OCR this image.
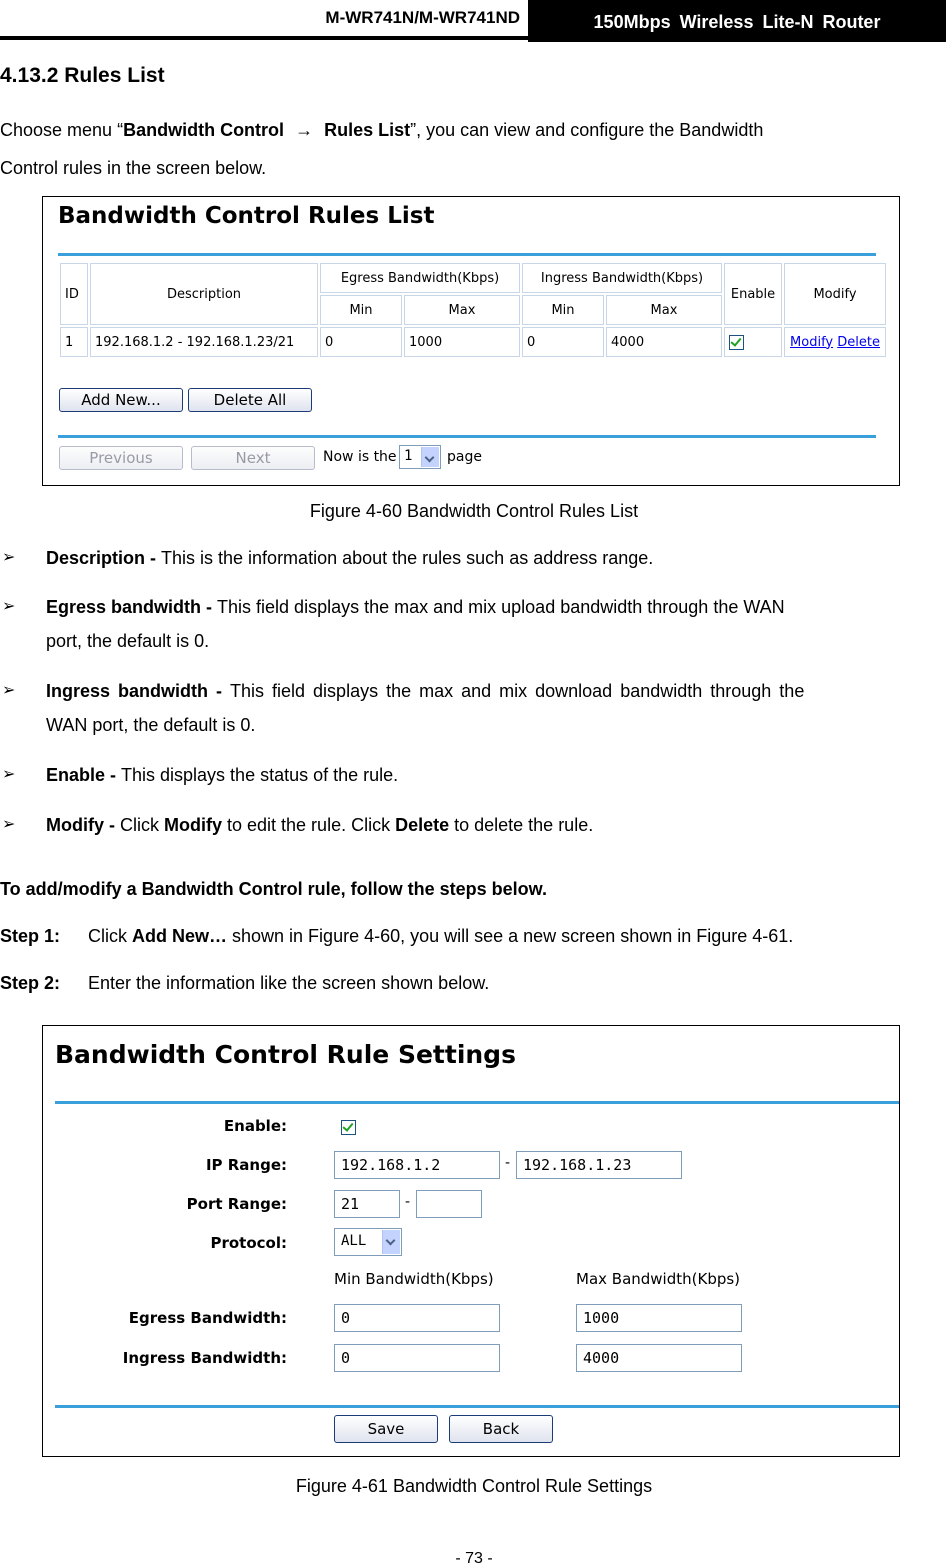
M-WR741N/M-WR741ND	150Mbps Wireless Lite-N Router
4.13.2 Rules List
Choose menu “Bandwidth Control → Rules List”, you can view and configure the Bandwidth
Control rules in the screen below.
Bandwidth Control Rules List
ID	Description	Egress Bandwidth(Kbps)		Ingress Bandwidth(Kbps)		Enable	Modify
		Min	Max	Min	Max		
1	192.168.1.2 - 192.168.1.23/21	0	1000	0	4000		Modify Delete
Add New...	Delete All
Previous	Next	Now is the 1 page
Figure 4-60 Bandwidth Control Rules List
➢ Description - This is the information about the rules such as address range.
➢ Egress bandwidth - This field displays the max and mix upload bandwidth through the WAN
port, the default is 0.
➢ Ingress bandwidth - This field displays the max and mix download bandwidth through the
WAN port, the default is 0.
➢ Enable - This displays the status of the rule.
➢ Modify - Click Modify to edit the rule. Click Delete to delete the rule.
To add/modify a Bandwidth Control rule, follow the steps below.
Step 1: Click Add New… shown in Figure 4-60, you will see a new screen shown in Figure 4-61.
Step 2: Enter the information like the screen shown below.
Bandwidth Control Rule Settings
Enable:
IP Range:	192.168.1.2	- 192.168.1.23
Port Range:	21	-
Protocol:	ALL
Min Bandwidth(Kbps)	Max Bandwidth(Kbps)
Egress Bandwidth:	0	1000
Ingress Bandwidth:	0	4000
Save	Back
Figure 4-61 Bandwidth Control Rule Settings
- 73 -
